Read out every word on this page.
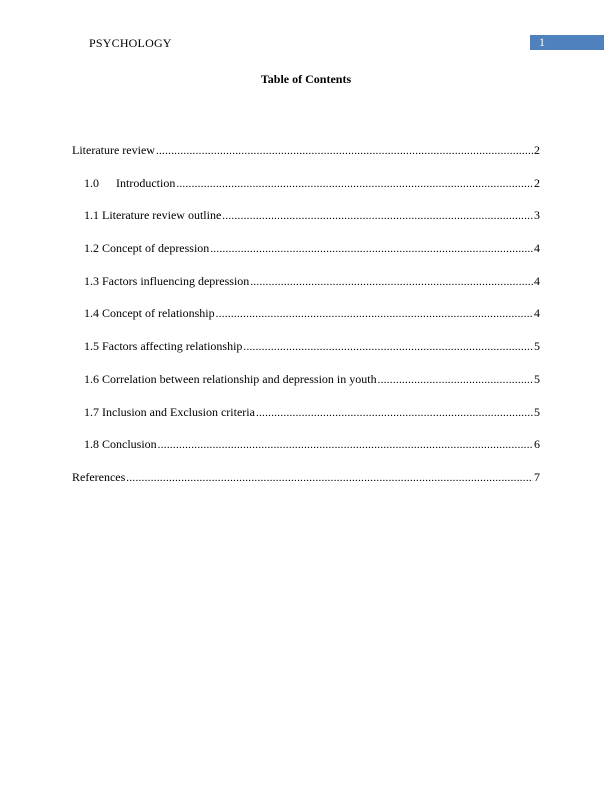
PSYCHOLOGY	1
Table of Contents
Literature review .....	2
1.0	Introduction .....	2
1.1 Literature review outline .....	3
1.2 Concept of depression .....	4
1.3 Factors influencing depression .....	4
1.4 Concept of relationship .....	4
1.5 Factors affecting relationship .....	5
1.6 Correlation between relationship and depression in youth .....	5
1.7 Inclusion and Exclusion criteria .....	5
1.8 Conclusion .....	6
References .....	7
